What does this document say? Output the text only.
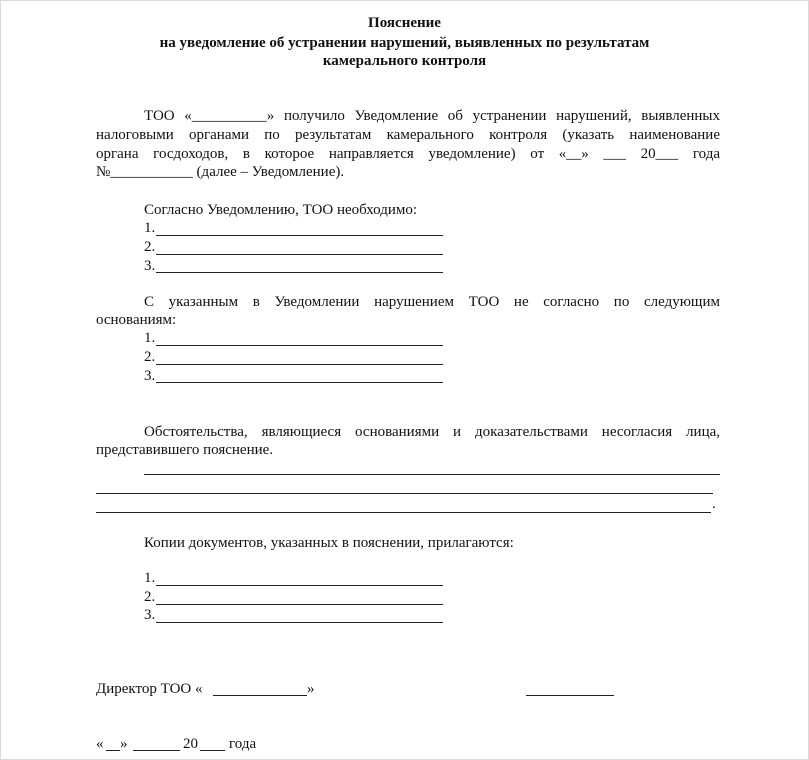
Пояснение
на уведомление об устранении нарушений, выявленных по результатам
камерального контроля
ТОО «__________» получило Уведомление об устранении нарушений, выявленных
налоговыми органами по результатам камерального контроля (указать наименование
органа госдоходов, в которое направляется уведомление) от «__» ___ 20___ года
№___________ (далее – Уведомление).
Согласно Уведомлению, ТОО необходимо:
1.
2.
3.
С указанным в Уведомлении нарушением ТОО не согласно по следующим
основаниям:
1.
2.
3.
Обстоятельства, являющиеся основаниями и доказательствами несогласия лица,
представившего пояснение.
.
Копии документов, указанных в пояснении, прилагаются:
1.
2.
3.
Директор ТОО «	»
« »	20 года
